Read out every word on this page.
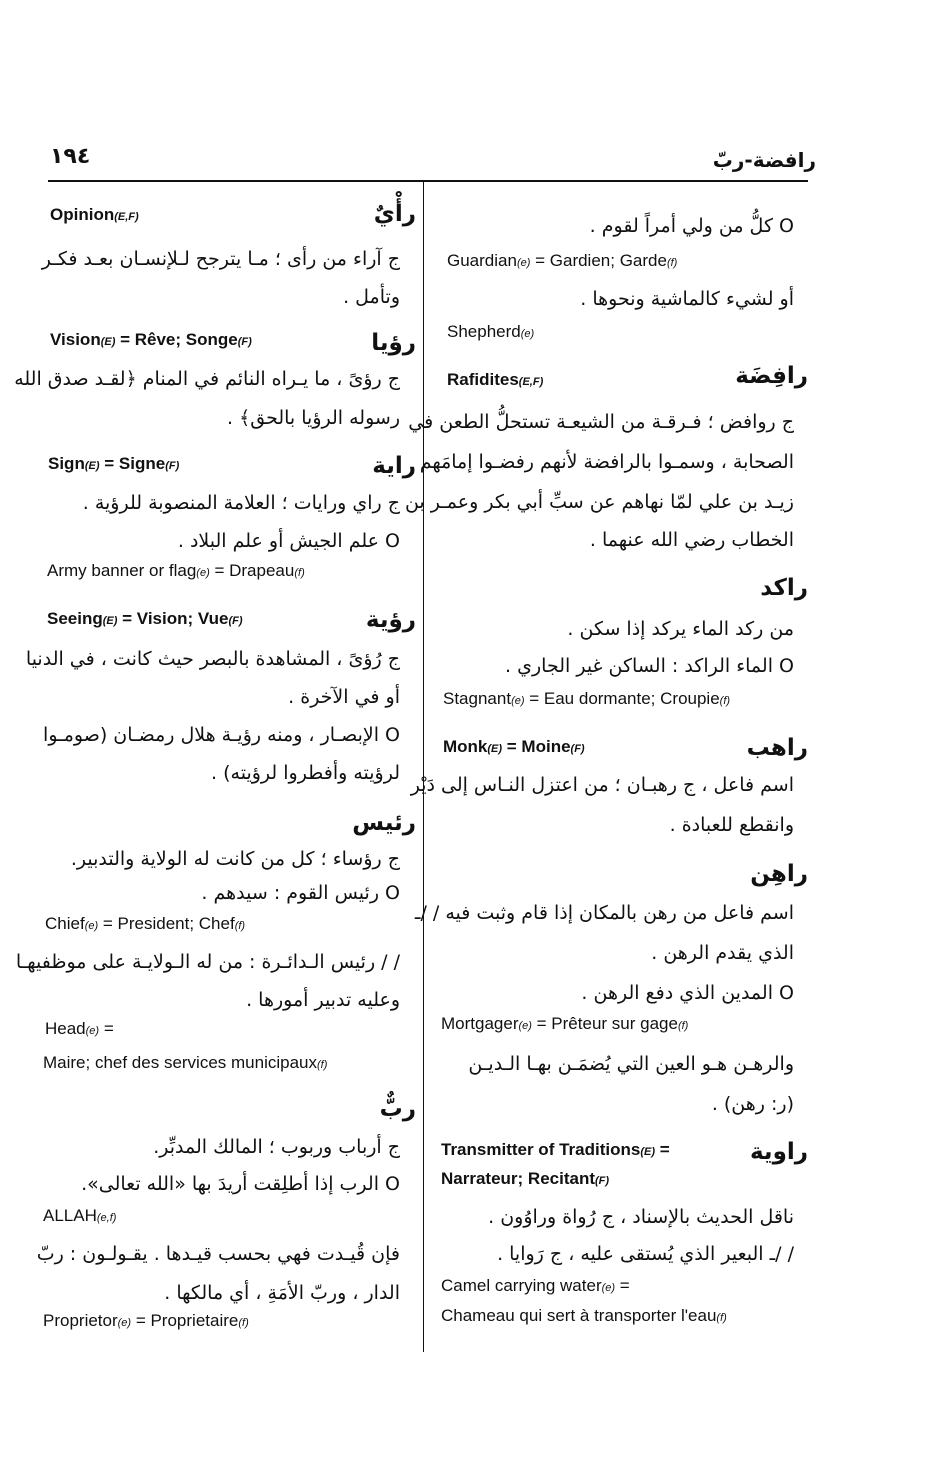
١٩٤	رافضة-ربّ
O كلُّ من ولي أمراً لقوم .
Guardian(e) = Gardien; Garde(f)
أو لشيء كالماشية ونحوها .
Shepherd(e)
رافِضَة
Rafidites(E,F)
ج روافض ؛ فـرقـة من الشيعـة تستحلُّ الطعن في
الصحابة ، وسمـوا بالرافضة لأنهم رفضـوا إمامَهم
زيـد بن علي لمّا نهاهم عن سبِّ أبي بكر وعمـر بن
الخطاب رضي الله عنهما .
راكد
من ركد الماء يركد إذا سكن .
O الماء الراكد : الساكن غير الجاري .
Stagnant(e) = Eau dormante; Croupie(f)
راهب
Monk(E) = Moine(F)
اسم فاعل ، ج رهبـان ؛ من اعتزل النـاس إلى دَيْر
وانقطع للعبادة .
راهِن
اسم فاعل من رهن بالمكان إذا قام وثبت فيه / /ـ
الذي يقدم الرهن .
O المدين الذي دفع الرهن .
Mortgager(e) = Prêteur sur gage(f)
والرهـن هـو العين التي يُضمَـن بهـا الـديـن
(ر: رهن) .
راوية
Transmitter of Traditions(E) =
Narrateur; Recitant(F)
ناقل الحديث بالإسناد ، ج رُواة وراوُون .
/ /ـ البعير الذي يُستقى عليه ، ج رَوايا .
Camel carrying water(e) =
Chameau qui sert à transporter l'eau(f)
رأْيٌ
Opinion(E,F)
ج آراء من رأى ؛ مـا يترجح لـلإنسـان بعـد فكـر
وتأمل .
رؤيا
Vision(E) = Rêve; Songe(F)
ج رؤىً ، ما يـراه النائم في المنام ﴿لقـد صدق الله
رسوله الرؤيا بالحق﴾ .
راية
Sign(E) = Signe(F)
ج راي ورايات ؛ العلامة المنصوبة للرؤية .
O علم الجيش أو علم البلاد .
Army banner or flag(e) = Drapeau(f)
رؤية
Seeing(E) = Vision; Vue(F)
ج رُؤىً ، المشاهدة بالبصر حيث كانت ، في الدنيا
أو في الآخرة .
O الإبصـار ، ومنه رؤيـة هلال رمضـان (صومـوا
لرؤيته وأفطروا لرؤيته) .
رئيس
ج رؤساء ؛ كل من كانت له الولاية والتدبير.
O رئيس القوم : سيدهم .
Chief(e) = President; Chef(f)
/ / رئيس الـدائـرة : من له الـولايـة على موظفيهـا
وعليه تدبير أمورها .
Head(e) =
Maire; chef des services municipaux(f)
ربٌّ
ج أرباب وربوب ؛ المالك المدبِّر.
O الرب إذا أطلِقت أريدَ بها «الله تعالى».
ALLAH(e,f)
فإن قُيـدت فهي بحسب قيـدها . يقـولـون : ربّ
الدار ، وربّ الأمَةِ ، أي مالكها .
Proprietor(e) = Proprietaire(f)
